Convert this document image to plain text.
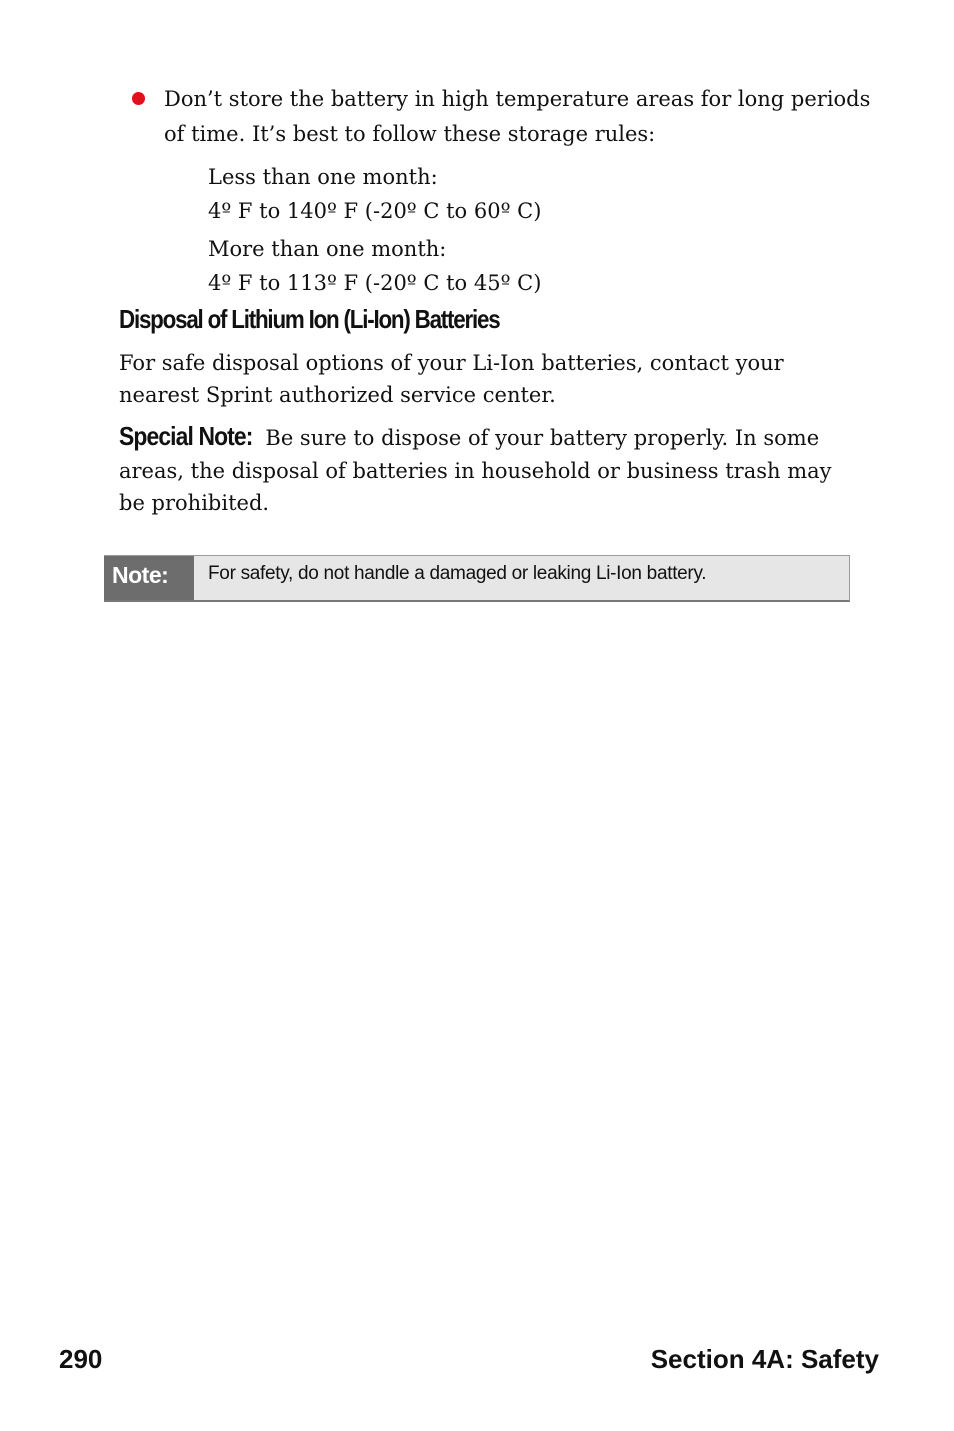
Don’t store the battery in high temperature areas for long periods of time. It’s best to follow these storage rules:
Less than one month:
4º F to 140º F (-20º C to 60º C)
More than one month:
4º F to 113º F (-20º C to 45º C)
Disposal of Lithium Ion (Li-Ion) Batteries
For safe disposal options of your Li-Ion batteries, contact your nearest Sprint authorized service center.
Special Note: Be sure to dispose of your battery properly. In some areas, the disposal of batteries in household or business trash may be prohibited.
Note:	For safety, do not handle a damaged or leaking Li-Ion battery.
290	Section 4A: Safety
